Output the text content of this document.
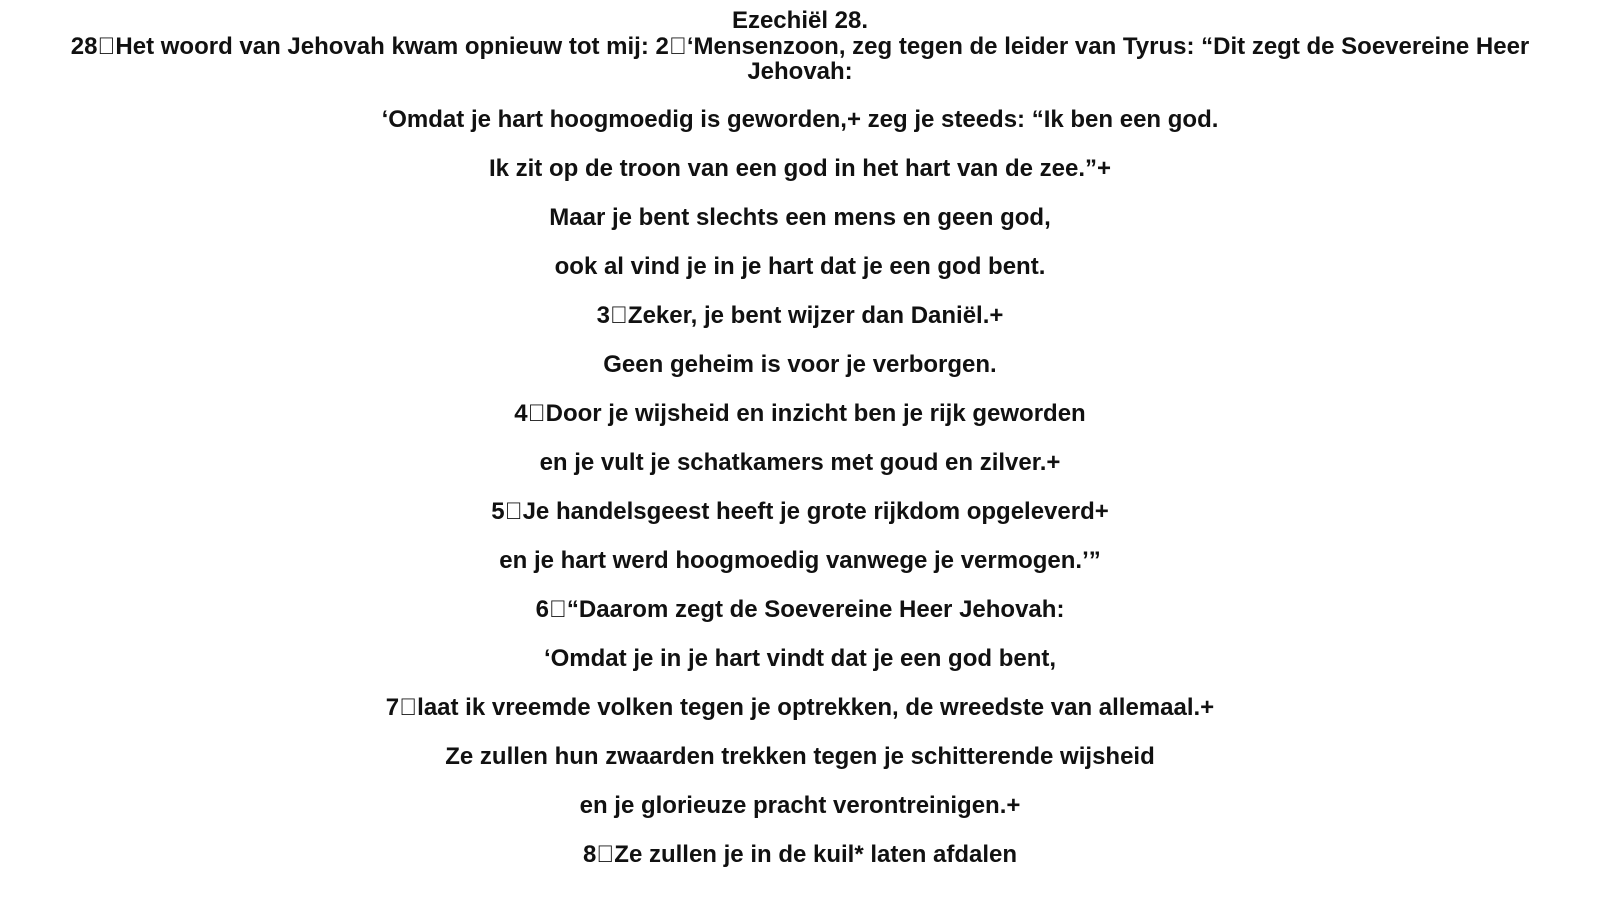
Ezechiël 28.
28 Het woord van Jehovah kwam opnieuw tot mij: 2 ‘Mensenzoon, zeg tegen de leider van Tyrus: “Dit zegt de Soevereine Heer Jehovah:
‘Omdat je hart hoogmoedig is geworden,+ zeg je steeds: “Ik ben een god.
Ik zit op de troon van een god in het hart van de zee.”+
Maar je bent slechts een mens en geen god,
ook al vind je in je hart dat je een god bent.
3 Zeker, je bent wijzer dan Daniël.+
Geen geheim is voor je verborgen.
4 Door je wijsheid en inzicht ben je rijk geworden
en je vult je schatkamers met goud en zilver.+
5 Je handelsgeest heeft je grote rijkdom opgeleverd+
en je hart werd hoogmoedig vanwege je vermogen.’”
6 “Daarom zegt de Soevereine Heer Jehovah:
‘Omdat je in je hart vindt dat je een god bent,
7 laat ik vreemde volken tegen je optrekken, de wreedste van allemaal.+
Ze zullen hun zwaarden trekken tegen je schitterende wijsheid
en je glorieuze pracht verontreinigen.+
8 Ze zullen je in de kuil* laten afdalen
